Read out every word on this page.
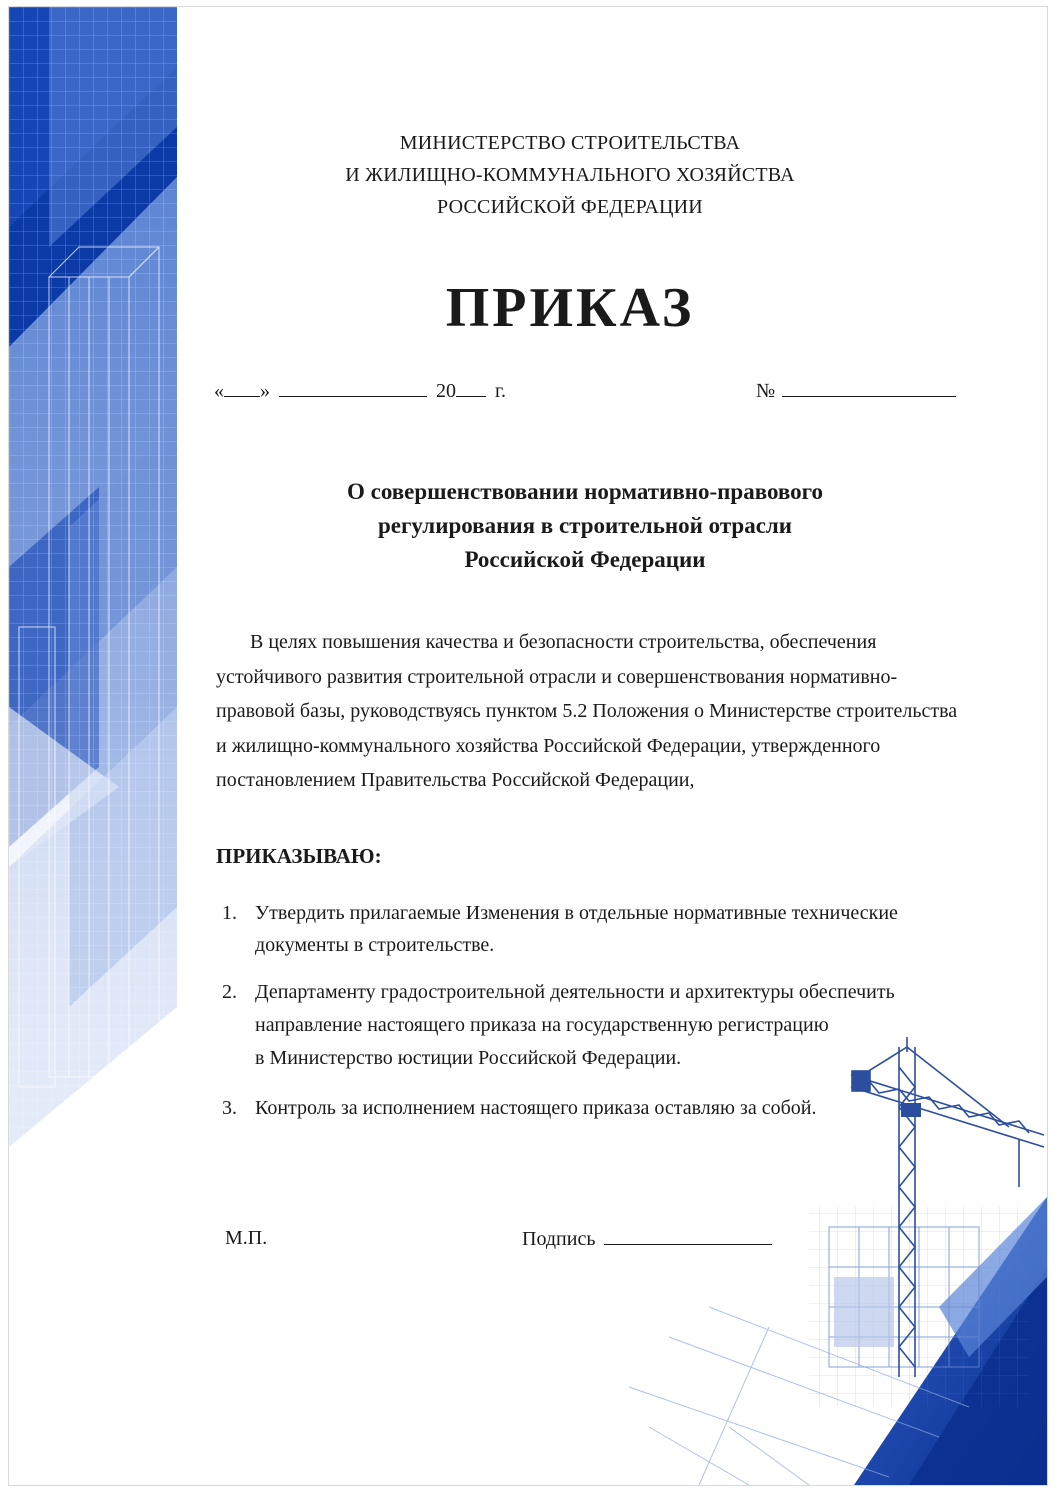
МИНИСТЕРСТВО СТРОИТЕЛЬСТВА
И ЖИЛИЩНО-КОММУНАЛЬНОГО ХОЗЯЙСТВА
РОССИЙСКОЙ ФЕДЕРАЦИИ
ПРИКАЗ
« »	20 г.	№
О совершенствовании нормативно-правового
регулирования в строительной отрасли
Российской Федерации
В целях повышения качества и безопасности строительства, обеспечения
устойчивого развития строительной отрасли и совершенствования нормативно-
правовой базы, руководствуясь пунктом 5.2 Положения о Министерстве строительства
и жилищно-коммунального хозяйства Российской Федерации, утвержденного
постановлением Правительства Российской Федерации,
ПРИКАЗЫВАЮ:
1. Утвердить прилагаемые Изменения в отдельные нормативные технические
документы в строительстве.
2. Департаменту градостроительной деятельности и архитектуры обеспечить
направление настоящего приказа на государственную регистрацию
в Министерство юстиции Российской Федерации.
3. Контроль за исполнением настоящего приказа оставляю за собой.
М.П.	Подпись
